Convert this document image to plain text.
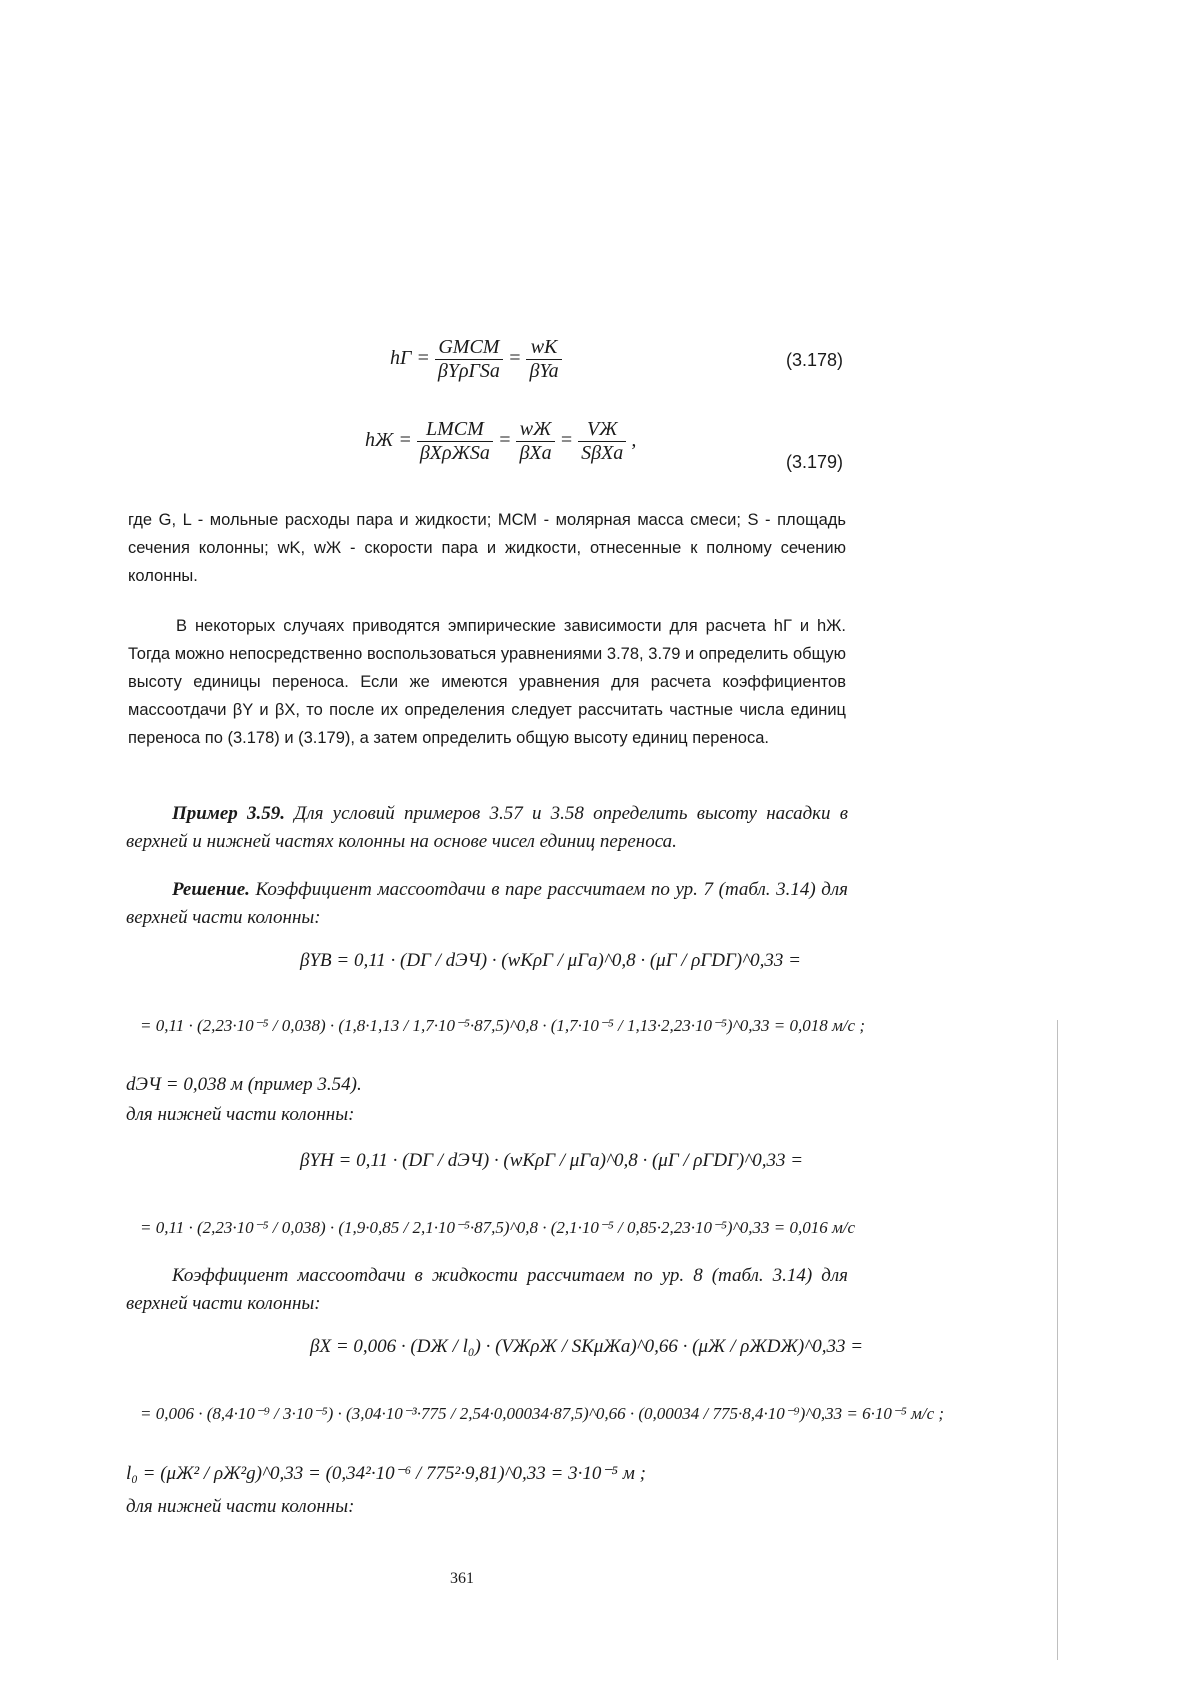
hГ = $\frac{\text{GMСМ}}{\text{βYρГSa}} = \frac{wK}{\text{βYa}}$	(3.178)
hЖ = $\frac{\text{LMСМ}}{\text{βXρЖSa}} = \frac{wЖ}{\text{βXa}} = \frac{VЖ}{\text{SβXa}}$ ,
(3.179)
где G, L - мольные расходы пара и жидкости; MСМ - молярная масса смеси; S - площадь сечения колонны; wK, wЖ - скорости пара и жидкости, отнесенные к полному сечению колонны.
В некоторых случаях приводятся эмпирические зависимости для расчета hГ и hЖ. Тогда можно непосредственно воспользоваться уравнениями 3.78, 3.79 и определить общую высоту единицы переноса. Если же имеются уравнения для расчета коэффициентов массоотдачи βY и βX, то после их определения следует рассчитать частные числа единиц переноса по (3.178) и (3.179), а затем определить общую высоту единиц переноса.
Пример 3.59. Для условий примеров 3.57 и 3.58 определить высоту насадки в верхней и нижней частях колонны на основе чисел единиц переноса.
Решение. Коэффициент массоотдачи в паре рассчитаем по ур. 7 (табл. 3.14) для верхней части колонны:
βYB = 0,11 · (DГ / dЭЧ) · (wKρГ / μГa)^0,8 · (μГ / ρГDГ)^0,33 =
= 0,11 · (2,23·10⁻⁵ / 0,038) · (1,8·1,13 / 1,7·10⁻⁵·87,5)^0,8 · (1,7·10⁻⁵ / 1,13·2,23·10⁻⁵)^0,33 = 0,018 м/с ;
dЭЧ = 0,038 м (пример 3.54).
для нижней части колонны:
βYH = 0,11 · (DГ / dЭЧ) · (wKρГ / μГa)^0,8 · (μГ / ρГDГ)^0,33 =
= 0,11 · (2,23·10⁻⁵ / 0,038) · (1,9·0,85 / 2,1·10⁻⁵·87,5)^0,8 · (2,1·10⁻⁵ / 0,85·2,23·10⁻⁵)^0,33 = 0,016 м/с
Коэффициент массоотдачи в жидкости рассчитаем по ур. 8 (табл. 3.14) для верхней части колонны:
βX = 0,006 · (DЖ / l₀) · (VЖρЖ / SKμЖa)^0,66 · (μЖ / ρЖDЖ)^0,33 =
= 0,006 · (8,4·10⁻⁹ / 3·10⁻⁵) · (3,04·10⁻³·775 / 2,54·0,00034·87,5)^0,66 · (0,00034 / 775·8,4·10⁻⁹)^0,33 = 6·10⁻⁵ м/с ;
l₀ = (μЖ² / ρЖ²g)^0,33 = (0,34²·10⁻⁶ / 775²·9,81)^0,33 = 3·10⁻⁵ м ;
для нижней части колонны:
361
